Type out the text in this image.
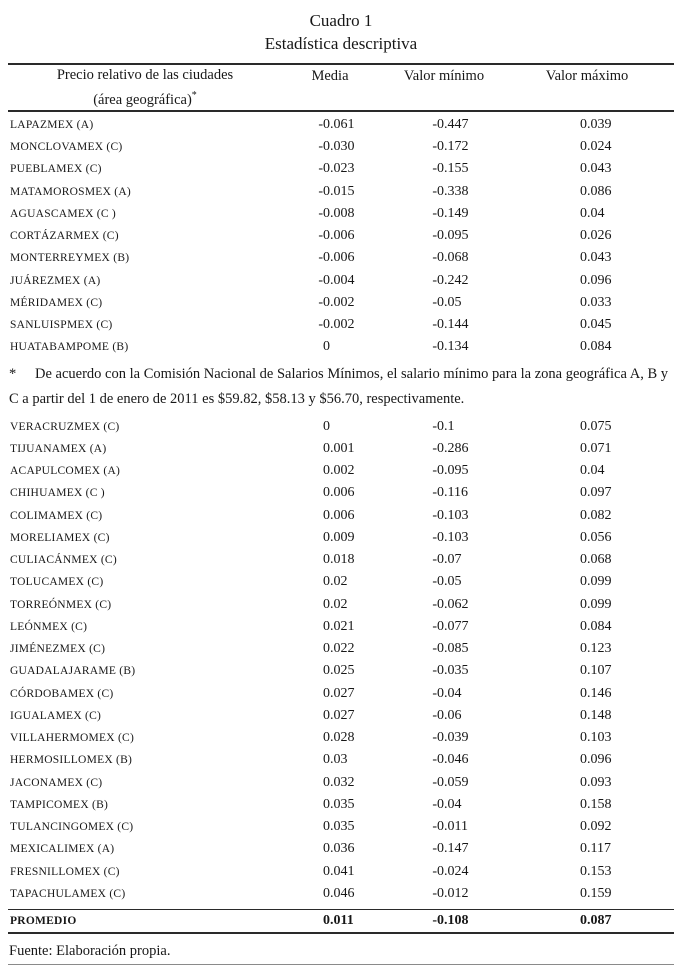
Cuadro 1
Estadística descriptiva
Precio relativo de las ciudades
(área geográfica)*
Media	Valor mínimo	Valor máximo
LAPAZMEX (A)	-0 .061	-0 .447	0 .039
MONCLOVAMEX (C)	-0 .030	-0 .172	0 .024
PUEBLAMEX (C)	-0 .023	-0 .155	0 .043
MATAMOROSMEX (A)	-0 .015	-0 .338	0 .086
AGUASCAMEX (C )	-0 .008	-0 .149	0 .04
CORTÁZARMEX (C)	-0 .006	-0 .095	0 .026
MONTERREYMEX (B)	-0 .006	-0 .068	0 .043
JUÁREZMEX (A)	-0 .004	-0 .242	0 .096
MÉRIDAMEX (C)	-0 .002	-0 .05	0 .033
SANLUISPMEX (C)	-0 .002	-0 .144	0 .045
HUATABAMPOME (B)	0	-0 .134	0 .084
* De acuerdo con la Comisión Nacional de Salarios Mínimos, el salario mínimo para la zona geográfica A, B y C a partir del 1 de enero de 2011 es $59.82, $58.13 y $56.70, respectivamente.
VERACRUZMEX (C)	0	-0 .1	0 .075
TIJUANAMEX (A)	0 .001	-0 .286	0 .071
ACAPULCOMEX (A)	0 .002	-0 .095	0 .04
CHIHUAMEX (C )	0 .006	-0 .116	0 .097
COLIMAMEX (C)	0 .006	-0 .103	0 .082
MORELIAMEX (C)	0 .009	-0 .103	0 .056
CULIACÁNMEX (C)	0 .018	-0 .07	0 .068
TOLUCAMEX (C)	0 .02	-0 .05	0 .099
TORREÓNMEX (C)	0 .02	-0 .062	0 .099
LEÓNMEX (C)	0 .021	-0 .077	0 .084
JIMÉNEZMEX (C)	0 .022	-0 .085	0 .123
GUADALAJARAME (B)	0 .025	-0 .035	0 .107
CÓRDOBAMEX (C)	0 .027	-0 .04	0 .146
IGUALAMEX (C)	0 .027	-0 .06	0 .148
VILLAHERMOMEX (C)	0 .028	-0 .039	0 .103
HERMOSILLOMEX (B)	0 .03	-0 .046	0 .096
JACONAMEX (C)	0 .032	-0 .059	0 .093
TAMPICOMEX (B)	0 .035	-0 .04	0 .158
TULANCINGOMEX (C)	0 .035	-0 .011	0 .092
MEXICALIMEX (A)	0 .036	-0 .147	0 .117
FRESNILLOMEX (C)	0 .041	-0 .024	0 .153
TAPACHULAMEX (C)	0 .046	-0 .012	0 .159
PROMEDIO	0 .011	-0 .108	0 .087
Fuente: Elaboración propia.
